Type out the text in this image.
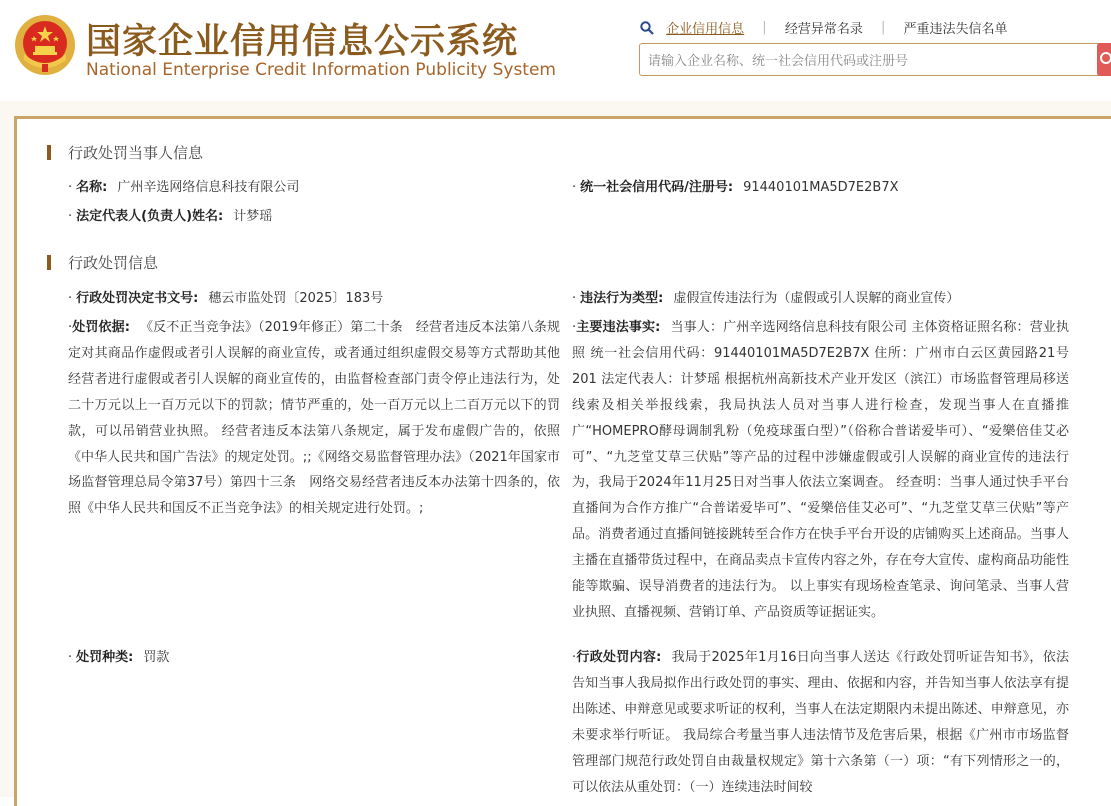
国家企业信用信息公示系统
National Enterprise Credit Information Publicity System
企业信用信息 | 经营异常名录 | 严重违法失信名单
请输入企业名称、统一社会信用代码或注册号
行政处罚当事人信息
· 名称: 广州辛选网络信息科技有限公司	· 统一社会信用代码/注册号: 91440101MA5D7E2B7X
· 法定代表人(负责人)姓名: 计梦瑶
行政处罚信息
· 行政处罚决定书文号: 穗云市监处罚〔2025〕183号	· 违法行为类型: 虚假宣传违法行为（虚假或引人误解的商业宣传）

·处罚依据: 《反不正当竞争法》（2019年修正）第二十条　经营者违反本法第八条规定对其商品作虚假或者引人误解的商业宣传，或者通过组织虚假交易等方式帮助其他经营者进行虚假或者引人误解的商业宣传的，由监督检查部门责令停止违法行为，处二十万元以上一百万元以下的罚款；情节严重的，处一百万元以上二百万元以下的罚款，可以吊销营业执照。 经营者违反本法第八条规定，属于发布虚假广告的，依照《中华人民共和国广告法》的规定处罚。;;《网络交易监督管理办法》（2021年国家市场监督管理总局令第37号）第四十三条　网络交易经营者违反本办法第十四条的，依照《中华人民共和国反不正当竞争法》的相关规定进行处罚。;

·主要违法事实: 当事人：广州辛选网络信息科技有限公司 主体资格证照名称：营业执照 统一社会信用代码：91440101MA5D7E2B7X 住所：广州市白云区黄园路21号201 法定代表人：计梦瑶 根据杭州高新技术产业开发区（滨江）市场监督管理局移送线索及相关举报线索，我局执法人员对当事人进行检查，发现当事人在直播推广“HOMEPRO酵母调制乳粉（免疫球蛋白型）”（俗称合普诺爱毕可）、“爱樂倍佳艾必可”、“九芝堂艾草三伏贴”等产品的过程中涉嫌虚假或引人误解的商业宣传的违法行为，我局于2024年11月25日对当事人依法立案调查。 经查明：当事人通过快手平台直播间为合作方推广“合普诺爱毕可”、“爱樂倍佳艾必可”、“九芝堂艾草三伏贴”等产品。消费者通过直播间链接跳转至合作方在快手平台开设的店铺购买上述商品。当事人主播在直播带货过程中，在商品卖点卡宣传内容之外，存在夸大宣传、虚构商品功能性能等欺骗、误导消费者的违法行为。 以上事实有现场检查笔录、询问笔录、当事人营业执照、直播视频、营销订单、产品资质等证据证实。

· 处罚种类: 罚款	·行政处罚内容: 我局于2025年1月16日向当事人送达《行政处罚听证告知书》，依法告知当事人我局拟作出行政处罚的事实、理由、依据和内容，并告知当事人依法享有提出陈述、申辩意见或要求听证的权利，当事人在法定期限内未提出陈述、申辩意见，亦未要求举行听证。 我局综合考量当事人违法情节及危害后果，根据《广州市市场监督管理部门规范行政处罚自由裁量权规定》第十六条第（一）项：“有下列情形之一的，可以依法从重处罚：（一）连续违法时间较
